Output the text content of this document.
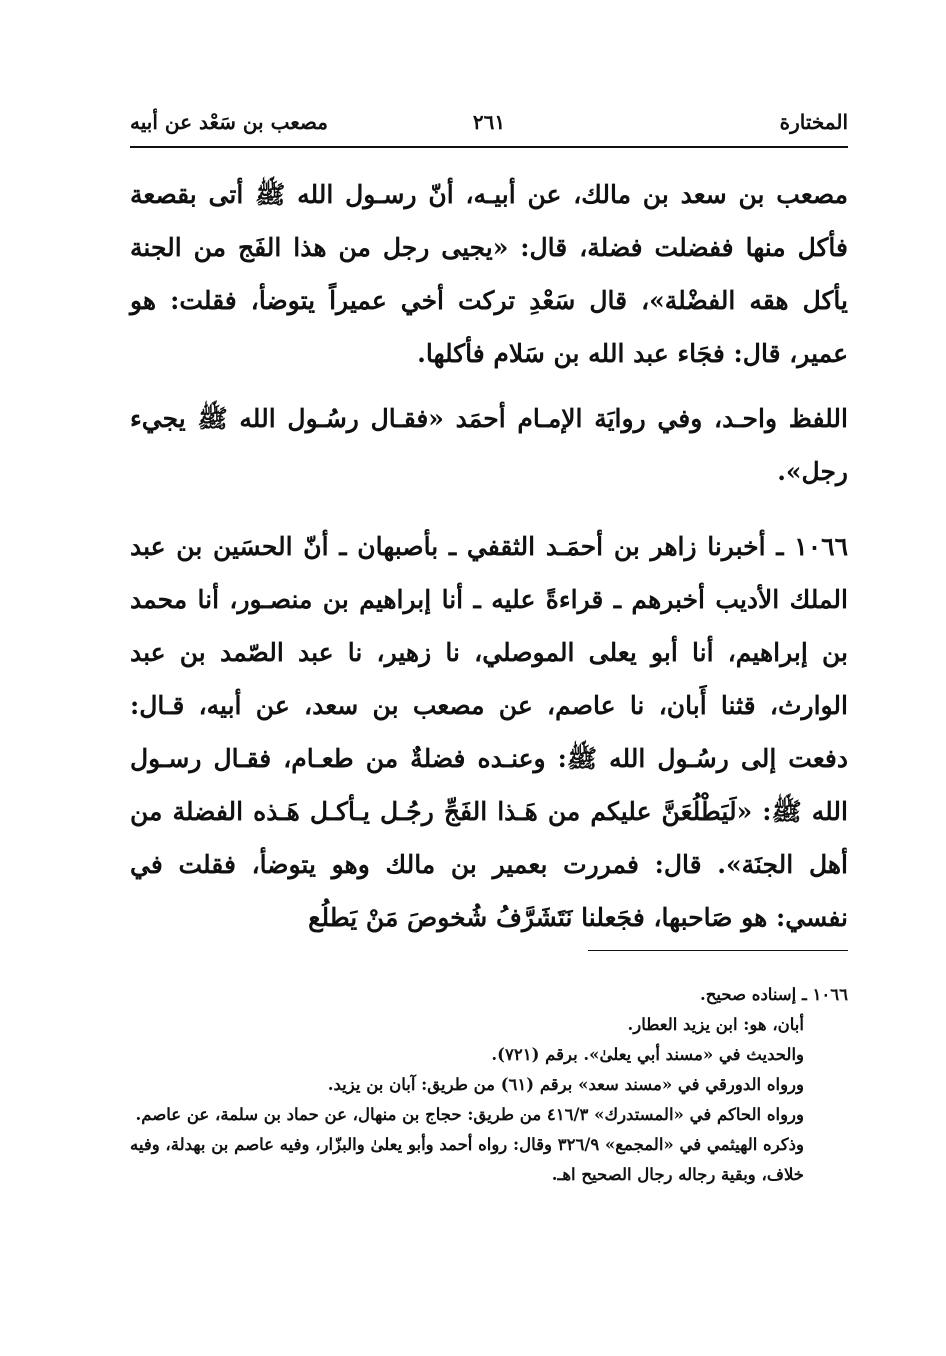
المختارة
٢٦١
مصعب بن سَعْد عن أبيه

مصعب بن سعد بن مالك، عن أبيـه، أنّ رسـول الله ﷺ أتى بقصعة فأكل منها ففضلت فضلة، قال: «يجيى رجل من هذا الفَج من الجنة يأكل هقه الفضْلة»، قال سَعْدِ تركت أخي عميراً يتوضأ، فقلت: هو عمير، قال: فجَاء عبد الله بن سَلام فأكلها.

اللفظ واحـد، وفي روايَة الإمـام أحمَد «فقـال رسُـول الله ﷺ يجيء رجل».

١٠٦٦ ـ أخبرنا زاهر بن أحمَـد الثقفي ـ بأصبهان ـ أنّ الحسَين بن عبد الملك الأديب أخبرهم ـ قراءةً عليه ـ أنا إبراهيم بن منصـور، أنا محمد بن إبراهيم، أنا أبو يعلى الموصلي، نا زهير، نا عبد الصّمد بن عبد الوارث، قثنا أَبان، نا عاصم، عن مصعب بن سعد، عن أبيه، قـال: دفعت إلى رسُـول الله ﷺ: وعنـده فضلةٌ من طعـام، فقـال رسـول الله ﷺ: «لَيَطْلُعَنَّ عليكم من هَـذا الفَجِّ رجُـل يـأكـل هَـذه الفضلة من أهل الجنَة». قال: فمررت بعمير بن مالك وهو يتوضأ، فقلت في نفسي: هو صَاحبها، فجَعلنا نَتَشَرَّفُ شُخوصَ مَنْ يَطلُع

١٠٦٦ ـ إسناده صحيح.

أبان، هو: ابن يزيد العطار.

والحديث في «مسند أبي يعلىٰ». برقم (٧٢١).

ورواه الدورقي في «مسند سعد» برقم (٦١) من طريق: آبان بن يزيد.

ورواه الحاكم في «المستدرك» ٤١٦/٣ من طريق: حجاج بن منهال، عن حماد بن سلمة، عن عاصم.

وذكره الهيثمي في «المجمع» ٣٢٦/٩ وقال: رواه أحمد وأبو يعلىٰ والبزّار، وفيه عاصم بن بهدلة، وفيه خلاف، وبقية رجاله رجال الصحيح اهـ.
